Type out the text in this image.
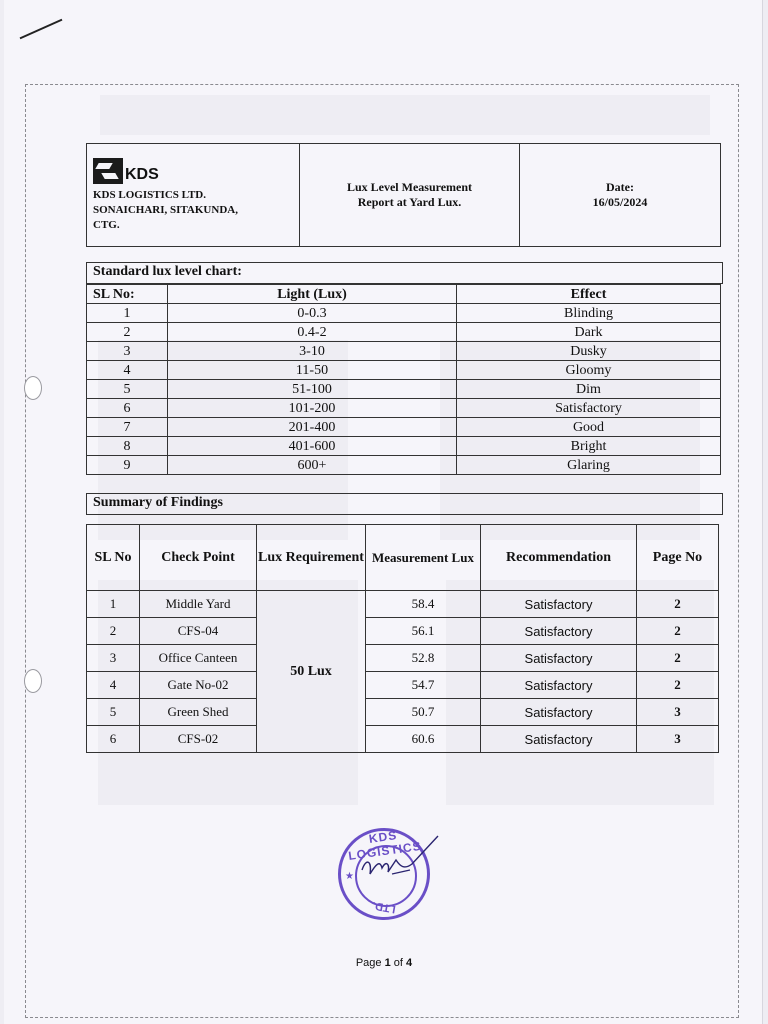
KDS
KDS LOGISTICS LTD.
SONAICHARI, SITAKUNDA,
CTG.

Lux Level Measurement
Report at Yard Lux.

Date:
16/05/2024
Standard lux level chart:
SL No:	Light (Lux)	Effect
1	0-0.3	Blinding
2	0.4-2	Dark
3	3-10	Dusky
4	11-50	Gloomy
5	51-100	Dim
6	101-200	Satisfactory
7	201-400	Good
8	401-600	Bright
9	600+	Glaring
Summary of Findings
SL No	Check Point	Lux Requirement	Measurement Lux	Recommendation	Page No
1	Middle Yard	50 Lux	58.4	Satisfactory	2
2	CFS-04		56.1	Satisfactory	2
3	Office Canteen		52.8	Satisfactory	2
4	Gate No-02		54.7	Satisfactory	2
5	Green Shed		50.7	Satisfactory	3
6	CFS-02		60.6	Satisfactory	3
KDS LOGISTICS
LTD.
★
Page 1 of 4
